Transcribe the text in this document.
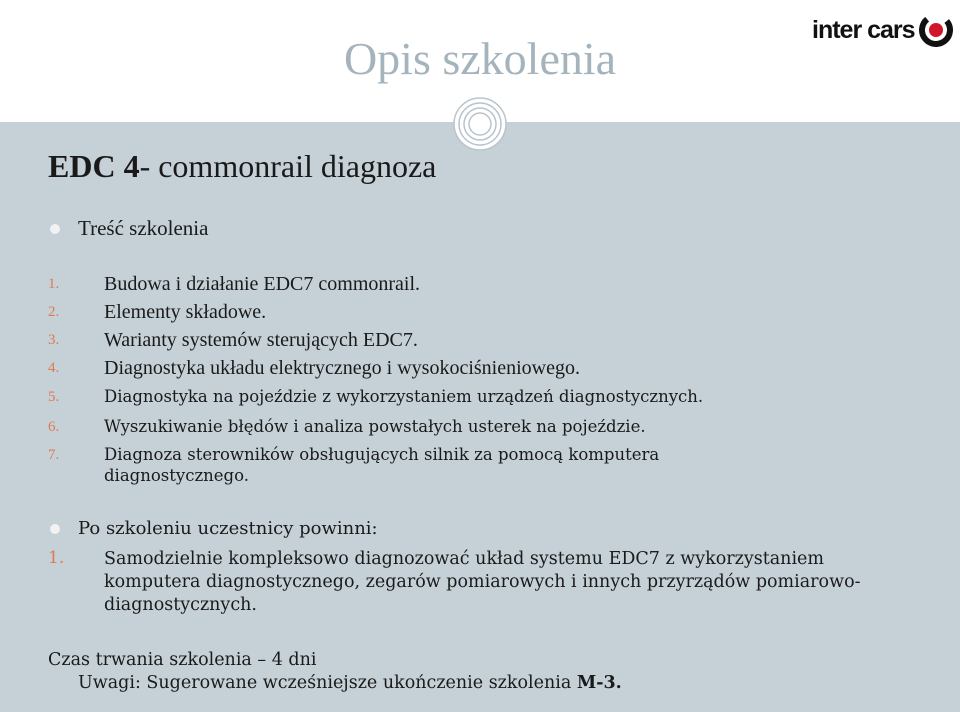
Opis szkolenia
inter cars
EDC 4- commonrail diagnoza
Treść szkolenia
1.	Budowa i działanie EDC7 commonrail.
2.	Elementy składowe.
3.	Warianty systemów sterujących EDC7.
4.	Diagnostyka układu elektrycznego i wysokociśnieniowego.
5.	Diagnostyka na pojeździe z wykorzystaniem urządzeń diagnostycznych.
6.	Wyszukiwanie błędów i analiza powstałych usterek na pojeździe.
7.	Diagnoza sterowników obsługujących silnik za pomocą komputera diagnostycznego.
Po szkoleniu uczestnicy powinni:
1.	Samodzielnie kompleksowo diagnozować układ systemu EDC7 z wykorzystaniem komputera diagnostycznego, zegarów pomiarowych i innych przyrządów pomiarowo-diagnostycznych.
Czas trwania szkolenia – 4 dni
Uwagi: Sugerowane wcześniejsze ukończenie szkolenia M-3.
